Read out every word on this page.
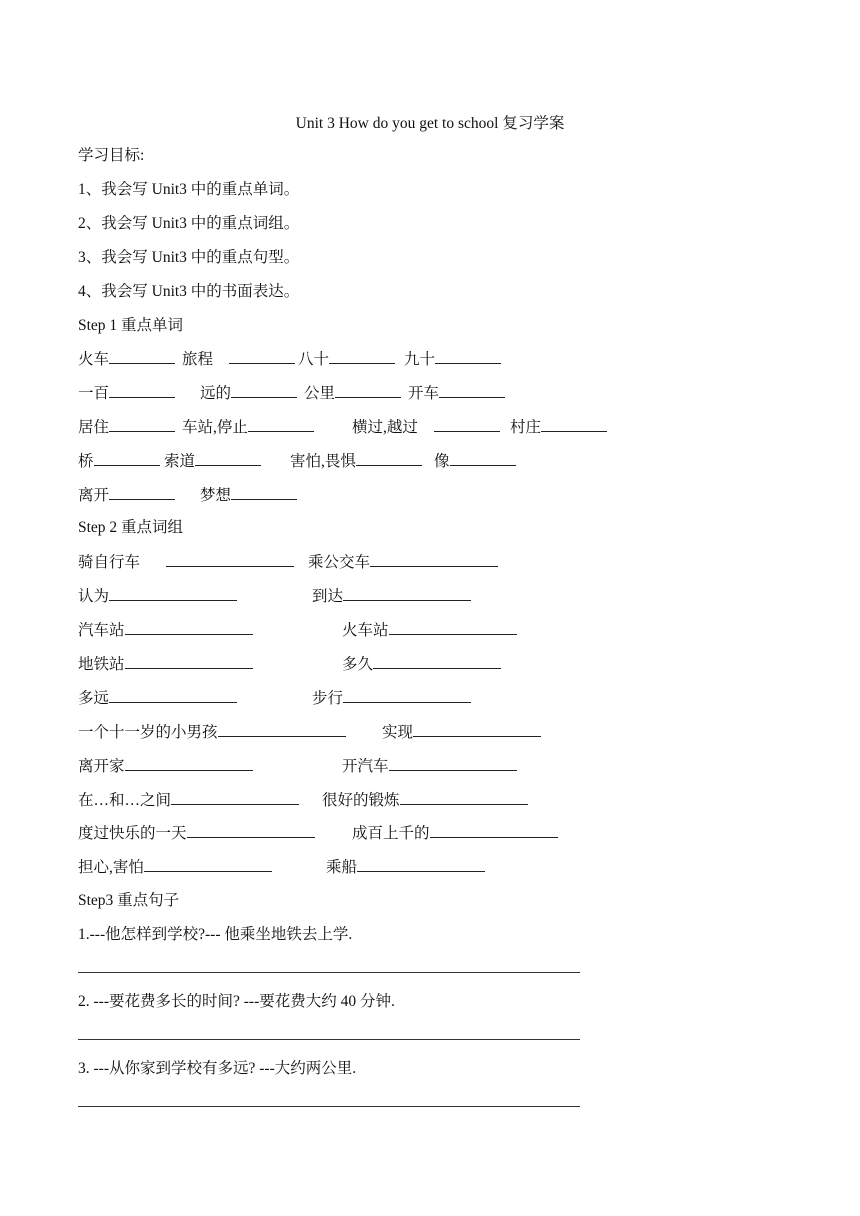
Unit 3 How do you get to school 复习学案
学习目标:
1、我会写 Unit3 中的重点单词。
2、我会写 Unit3 中的重点词组。
3、我会写 Unit3 中的重点句型。
4、我会写 Unit3 中的书面表达。
Step 1 重点单词
火车	旅程	八十	九十
一百	远的	公里	开车
居住	车站,停止	横过,越过	村庄
桥	索道	害怕,畏惧	像
离开	梦想
Step 2 重点词组
骑自行车	乘公交车
认为	到达
汽车站	火车站
地铁站	多久
多远	步行
一个十一岁的小男孩	实现
离开家	开汽车
在…和…之间	很好的锻炼
度过快乐的一天	成百上千的
担心,害怕	乘船
Step3 重点句子
1.---他怎样到学校?--- 他乘坐地铁去上学.
2. ---要花费多长的时间? ---要花费大约 40 分钟.
3. ---从你家到学校有多远? ---大约两公里.
